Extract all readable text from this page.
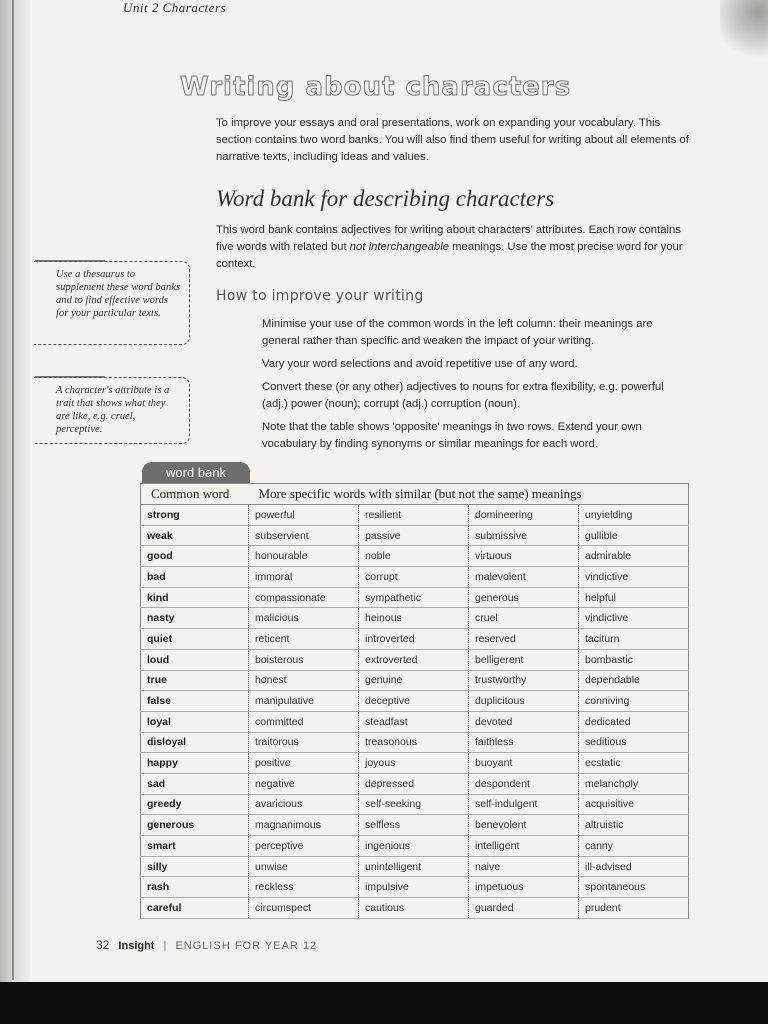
Unit 2 Characters
Writing about characters
To improve your essays and oral presentations, work on expanding your vocabulary. This section contains two word banks. You will also find them useful for writing about all elements of narrative texts, including ideas and values.
Word bank for describing characters
This word bank contains adjectives for writing about characters' attributes. Each row contains five words with related but not interchangeable meanings. Use the most precise word for your context.
How to improve your writing
Minimise your use of the common words in the left column: their meanings are general rather than specific and weaken the impact of your writing.
Vary your word selections and avoid repetitive use of any word.
Convert these (or any other) adjectives to nouns for extra flexibility, e.g. powerful (adj.) power (noun); corrupt (adj.) corruption (noun).
Note that the table shows 'opposite' meanings in two rows. Extend your own vocabulary by finding synonyms or similar meanings for each word.
Use a thesaurus to supplement these word banks and to find effective words for your particular texts.
A character's attribute is a trait that shows what they are like, e.g. cruel, perceptive.
word bank
Common word	More specific words with similar (but not the same) meanings			
strong	powerful	resilient	domineering	unyielding
weak	subservient	passive	submissive	gullible
good	honourable	noble	virtuous	admirable
bad	immoral	corrupt	malevolent	vindictive
kind	compassionate	sympathetic	generous	helpful
nasty	malicious	heinous	cruel	vindictive
quiet	reticent	introverted	reserved	taciturn
loud	boisterous	extroverted	belligerent	bombastic
true	honest	genuine	trustworthy	dependable
false	manipulative	deceptive	duplicitous	conniving
loyal	committed	steadfast	devoted	dedicated
disloyal	traitorous	treasonous	faithless	seditious
happy	positive	joyous	buoyant	ecstatic
sad	negative	depressed	despondent	melancholy
greedy	avaricious	self-seeking	self-indulgent	acquisitive
generous	magnanimous	selfless	benevolent	altruistic
smart	perceptive	ingenious	intelligent	canny
silly	unwise	unintelligent	naive	ill-advised
rash	reckless	impulsive	impetuous	spontaneous
careful	circumspect	cautious	guarded	prudent
32 Insight | ENGLISH FOR YEAR 12
